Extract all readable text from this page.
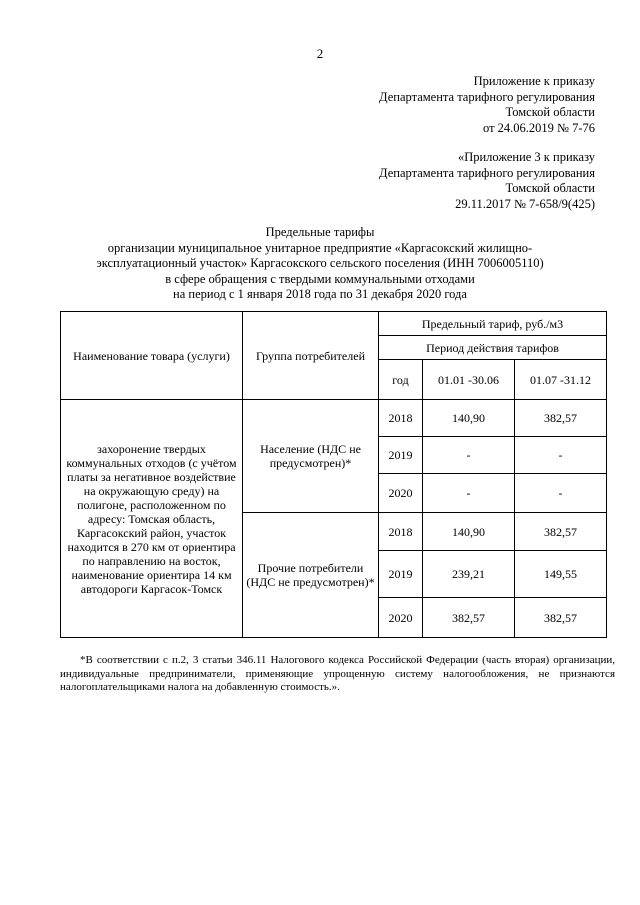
2
Приложение к приказу
Департамента тарифного регулирования
Томской области
от 24.06.2019 № 7-76
«Приложение 3 к приказу
Департамента тарифного регулирования
Томской области
29.11.2017 № 7-658/9(425)
Предельные тарифы
организации муниципальное унитарное предприятие «Каргасокский жилищно-
эксплуатационный участок» Каргасокского сельского поселения (ИНН 7006005110)
в сфере обращения с твердыми коммунальными отходами
на период с 1 января 2018 года по 31 декабря 2020 года
Наименование товара (услуги)	Группа потребителей	Предельный тариф, руб./м3		
		Период действия тарифов		
		год	01.01 -30.06	01.07 -31.12
захоронение твердых коммунальных отходов (с учётом платы за негативное воздействие на окружающую среду) на полигоне, расположенном по адресу: Томская область, Каргасокский район, участок находится в 270 км от ориентира по направлению на восток, наименование ориентира 14 км автодороги Каргасок-Томск	Население (НДС не предусмотрен)*	2018	140,90	382,57
		2019	-	-
		2020	-	-
	Прочие потребители (НДС не предусмотрен)*	2018	140,90	382,57
		2019	239,21	149,55
		2020	382,57	382,57
*В соответствии с п.2, 3 статьи 346.11 Налогового кодекса Российской Федерации (часть вторая) организации, индивидуальные предприниматели, применяющие упрощенную систему налогообложения, не признаются налогоплательщиками налога на добавленную стоимость.».
